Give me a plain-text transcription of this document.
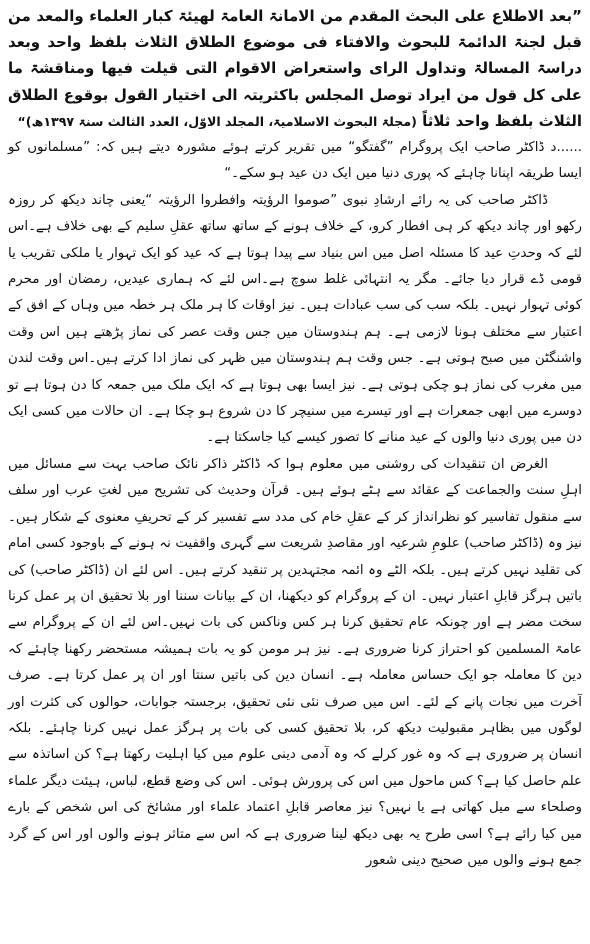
”بعد الاطلاع علی البحث المقدم من الامانۃ العامۃ لھیئۃ کبار العلماء والمعد من قبل لجنۃ الدائمۃ للبحوث والافتاء فی موضوع الطلاق الثلاث بلفظ واحد وبعد دراسۃ المسالۃ وتداول الرای واستعراض الاقوام التی قیلت فیھا ومناقشۃ ما علی کل قول من ایراد توصل المجلس باکثریتہ الی اختیار القول بوقوع الطلاق الثلاث بلفظ واحد ثلاثاً (مجلۃ البحوث الاسلامیۃ، المجلد الاوّل، العدد الثالث سنۃ ۱۳۹۷ھ)“

د......ڈاکٹر صاحب ایک پروگرام ”گفتگو“ میں تقریر کرتے ہوئے مشورہ دیتے ہیں کہ: ”مسلمانوں کو ایسا طریقہ اپنانا چاہئے کہ پوری دنیا میں ایک دن عید ہو سکے۔“

ڈاکٹر صاحب کی یہ رائے ارشادِ نبوی ”صوموا الرؤیتہ وافطروا الرؤیتہ “یعنی چاند دیکھ کر روزہ رکھو اور چاند دیکھ کر ہی افطار کرو، کے خلاف ہونے کے ساتھ ساتھ عقلِ سلیم کے بھی خلاف ہے۔اس لئے کہ وحدتِ عید کا مسئلہ اصل میں اس بنیاد سے پیدا ہوتا ہے کہ عید کو ایک تہوار یا ملکی تقریب یا قومی ڈے قرار دیا جائے۔ مگر یہ انتہائی غلط سوچ ہے۔اس لئے کہ ہماری عیدیں، رمضان اور محرم کوئی تہوار نہیں۔ بلکہ سب کی سب عبادات ہیں۔ نیز اوقات کا ہر ملک ہر خطہ میں وہاں کے افق کے اعتبار سے مختلف ہونا لازمی ہے۔ ہم ہندوستان میں جس وقت عصر کی نماز پڑھتے ہیں اس وقت واشنگٹن میں صبح ہوتی ہے۔ جس وقت ہم ہندوستان میں ظہر کی نماز ادا کرتے ہیں۔اس وقت لندن میں مغرب کی نماز ہو چکی ہوتی ہے۔ نیز ایسا بھی ہوتا ہے کہ ایک ملک میں جمعہ کا دن ہوتا ہے تو دوسرے میں ابھی جمعرات ہے اور تیسرے میں سنیچر کا دن شروع ہو چکا ہے۔ ان حالات میں کسی ایک دن میں پوری دنیا والوں کے عید منانے کا تصور کیسے کیا جاسکتا ہے۔

الغرض ان تنقیدات کی روشنی میں معلوم ہوا کہ ڈاکٹر ذاکر نائک صاحب بہت سے مسائل میں اہلِ سنت والجماعت کے عقائد سے ہٹے ہوئے ہیں۔ قرآن وحدیث کی تشریح میں لغتِ عرب اور سلف سے منقول تفاسیر کو نظرانداز کر کے عقلِ خام کی مدد سے تفسیر کر کے تحریفِ معنوی کے شکار ہیں۔ نیز وہ (ڈاکٹر صاحب) علومِ شرعیہ اور مقاصدِ شریعت سے گہری واقفیت نہ ہونے کے باوجود کسی امام کی تقلید نہیں کرتے ہیں۔ بلکہ الٹے وہ ائمہ مجتہدین پر تنقید کرتے ہیں۔ اس لئے ان (ڈاکٹر صاحب) کی باتیں ہرگز قابلِ اعتبار نہیں۔ ان کے پروگرام کو دیکھنا، ان کے بیانات سننا اور بلا تحقیق ان پر عمل کرنا سخت مضر ہے اور چونکہ عام تحقیق کرنا ہر کس وناکس کی بات نہیں۔اس لئے ان کے پروگرام سے عامۃ المسلمین کو احتراز کرنا ضروری ہے۔ نیز ہر مومن کو یہ بات ہمیشہ مستحضر رکھنا چاہئے کہ دین کا معاملہ جو ایک حساس معاملہ ہے۔ انسان دین کی باتیں سنتا اور ان پر عمل کرتا ہے۔ صرف آخرت میں نجات پانے کے لئے۔ اس میں صرف نئی نئی تحقیق، برجستہ جوابات، حوالوں کی کثرت اور لوگوں میں بظاہر مقبولیت دیکھ کر، بلا تحقیق کسی کی بات پر ہرگز عمل نہیں کرنا چاہئے۔ بلکہ انسان پر ضروری ہے کہ وہ غور کرلے کہ وہ آدمی دینی علوم میں کیا اہلیت رکھتا ہے؟ کن اساتذہ سے علم حاصل کیا ہے؟ کس ماحول میں اس کی پرورش ہوئی۔ اس کی وضع قطع، لباس، ہیئت دیگر علماء وصلحاء سے میل کھاتی ہے یا نہیں؟ نیز معاصر قابلِ اعتماد علماء اور مشائخ کی اس شخص کے بارے میں کیا رائے ہے؟ اسی طرح یہ بھی دیکھ لینا ضروری ہے کہ اس سے متاثر ہونے والوں اور اس کے گرد جمع ہونے والوں میں صحیح دینی شعور
